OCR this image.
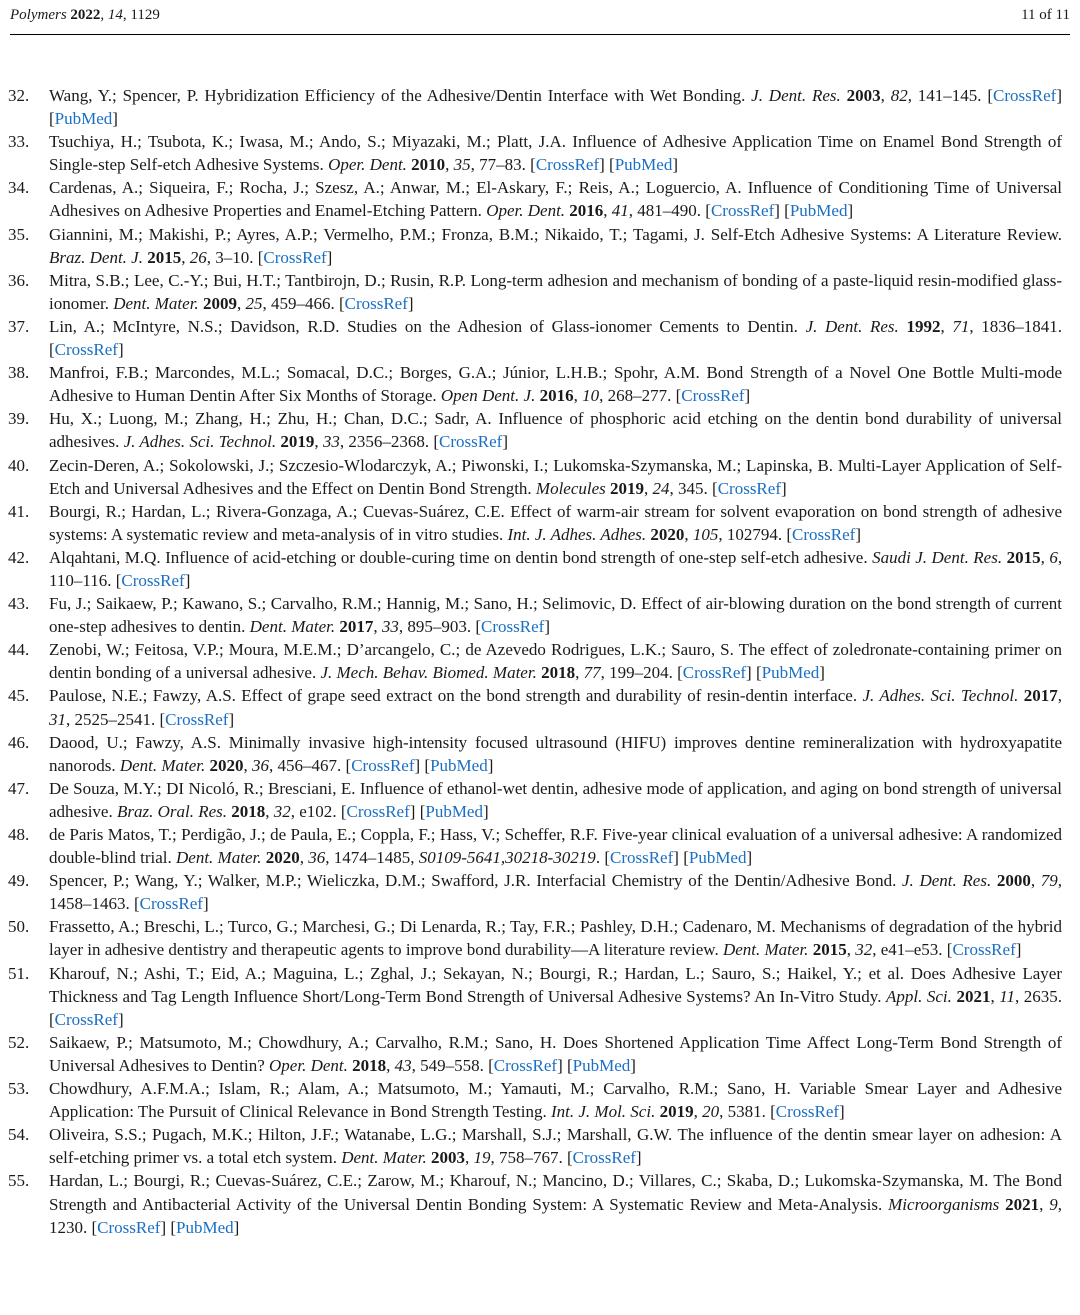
Polymers 2022, 14, 1129	11 of 11
32. Wang, Y.; Spencer, P. Hybridization Efficiency of the Adhesive/Dentin Interface with Wet Bonding. J. Dent. Res. 2003, 82, 141–145. [CrossRef] [PubMed]
33. Tsuchiya, H.; Tsubota, K.; Iwasa, M.; Ando, S.; Miyazaki, M.; Platt, J.A. Influence of Adhesive Application Time on Enamel Bond Strength of Single-step Self-etch Adhesive Systems. Oper. Dent. 2010, 35, 77–83. [CrossRef] [PubMed]
34. Cardenas, A.; Siqueira, F.; Rocha, J.; Szesz, A.; Anwar, M.; El-Askary, F.; Reis, A.; Loguercio, A. Influence of Conditioning Time of Universal Adhesives on Adhesive Properties and Enamel-Etching Pattern. Oper. Dent. 2016, 41, 481–490. [CrossRef] [PubMed]
35. Giannini, M.; Makishi, P.; Ayres, A.P.; Vermelho, P.M.; Fronza, B.M.; Nikaido, T.; Tagami, J. Self-Etch Adhesive Systems: A Literature Review. Braz. Dent. J. 2015, 26, 3–10. [CrossRef]
36. Mitra, S.B.; Lee, C.-Y.; Bui, H.T.; Tantbirojn, D.; Rusin, R.P. Long-term adhesion and mechanism of bonding of a paste-liquid resin-modified glass-ionomer. Dent. Mater. 2009, 25, 459–466. [CrossRef]
37. Lin, A.; McIntyre, N.S.; Davidson, R.D. Studies on the Adhesion of Glass-ionomer Cements to Dentin. J. Dent. Res. 1992, 71, 1836–1841. [CrossRef]
38. Manfroi, F.B.; Marcondes, M.L.; Somacal, D.C.; Borges, G.A.; Júnior, L.H.B.; Spohr, A.M. Bond Strength of a Novel One Bottle Multi-mode Adhesive to Human Dentin After Six Months of Storage. Open Dent. J. 2016, 10, 268–277. [CrossRef]
39. Hu, X.; Luong, M.; Zhang, H.; Zhu, H.; Chan, D.C.; Sadr, A. Influence of phosphoric acid etching on the dentin bond durability of universal adhesives. J. Adhes. Sci. Technol. 2019, 33, 2356–2368. [CrossRef]
40. Zecin-Deren, A.; Sokolowski, J.; Szczesio-Wlodarczyk, A.; Piwonski, I.; Lukomska-Szymanska, M.; Lapinska, B. Multi-Layer Application of Self-Etch and Universal Adhesives and the Effect on Dentin Bond Strength. Molecules 2019, 24, 345. [CrossRef]
41. Bourgi, R.; Hardan, L.; Rivera-Gonzaga, A.; Cuevas-Suárez, C.E. Effect of warm-air stream for solvent evaporation on bond strength of adhesive systems: A systematic review and meta-analysis of in vitro studies. Int. J. Adhes. Adhes. 2020, 105, 102794. [CrossRef]
42. Alqahtani, M.Q. Influence of acid-etching or double-curing time on dentin bond strength of one-step self-etch adhesive. Saudi J. Dent. Res. 2015, 6, 110–116. [CrossRef]
43. Fu, J.; Saikaew, P.; Kawano, S.; Carvalho, R.M.; Hannig, M.; Sano, H.; Selimovic, D. Effect of air-blowing duration on the bond strength of current one-step adhesives to dentin. Dent. Mater. 2017, 33, 895–903. [CrossRef]
44. Zenobi, W.; Feitosa, V.P.; Moura, M.E.M.; D’arcangelo, C.; de Azevedo Rodrigues, L.K.; Sauro, S. The effect of zoledronate-containing primer on dentin bonding of a universal adhesive. J. Mech. Behav. Biomed. Mater. 2018, 77, 199–204. [CrossRef] [PubMed]
45. Paulose, N.E.; Fawzy, A.S. Effect of grape seed extract on the bond strength and durability of resin-dentin interface. J. Adhes. Sci. Technol. 2017, 31, 2525–2541. [CrossRef]
46. Daood, U.; Fawzy, A.S. Minimally invasive high-intensity focused ultrasound (HIFU) improves dentine remineralization with hydroxyapatite nanorods. Dent. Mater. 2020, 36, 456–467. [CrossRef] [PubMed]
47. De Souza, M.Y.; DI Nicoló, R.; Bresciani, E. Influence of ethanol-wet dentin, adhesive mode of application, and aging on bond strength of universal adhesive. Braz. Oral. Res. 2018, 32, e102. [CrossRef] [PubMed]
48. de Paris Matos, T.; Perdigão, J.; de Paula, E.; Coppla, F.; Hass, V.; Scheffer, R.F. Five-year clinical evaluation of a universal adhesive: A randomized double-blind trial. Dent. Mater. 2020, 36, 1474–1485, S0109-5641,30218-30219. [CrossRef] [PubMed]
49. Spencer, P.; Wang, Y.; Walker, M.P.; Wieliczka, D.M.; Swafford, J.R. Interfacial Chemistry of the Dentin/Adhesive Bond. J. Dent. Res. 2000, 79, 1458–1463. [CrossRef]
50. Frassetto, A.; Breschi, L.; Turco, G.; Marchesi, G.; Di Lenarda, R.; Tay, F.R.; Pashley, D.H.; Cadenaro, M. Mechanisms of degradation of the hybrid layer in adhesive dentistry and therapeutic agents to improve bond durability—A literature review. Dent. Mater. 2015, 32, e41–e53. [CrossRef]
51. Kharouf, N.; Ashi, T.; Eid, A.; Maguina, L.; Zghal, J.; Sekayan, N.; Bourgi, R.; Hardan, L.; Sauro, S.; Haikel, Y.; et al. Does Adhesive Layer Thickness and Tag Length Influence Short/Long-Term Bond Strength of Universal Adhesive Systems? An In-Vitro Study. Appl. Sci. 2021, 11, 2635. [CrossRef]
52. Saikaew, P.; Matsumoto, M.; Chowdhury, A.; Carvalho, R.M.; Sano, H. Does Shortened Application Time Affect Long-Term Bond Strength of Universal Adhesives to Dentin? Oper. Dent. 2018, 43, 549–558. [CrossRef] [PubMed]
53. Chowdhury, A.F.M.A.; Islam, R.; Alam, A.; Matsumoto, M.; Yamauti, M.; Carvalho, R.M.; Sano, H. Variable Smear Layer and Adhesive Application: The Pursuit of Clinical Relevance in Bond Strength Testing. Int. J. Mol. Sci. 2019, 20, 5381. [CrossRef]
54. Oliveira, S.S.; Pugach, M.K.; Hilton, J.F.; Watanabe, L.G.; Marshall, S.J.; Marshall, G.W. The influence of the dentin smear layer on adhesion: A self-etching primer vs. a total etch system. Dent. Mater. 2003, 19, 758–767. [CrossRef]
55. Hardan, L.; Bourgi, R.; Cuevas-Suárez, C.E.; Zarow, M.; Kharouf, N.; Mancino, D.; Villares, C.; Skaba, D.; Lukomska-Szymanska, M. The Bond Strength and Antibacterial Activity of the Universal Dentin Bonding System: A Systematic Review and Meta-Analysis. Microorganisms 2021, 9, 1230. [CrossRef] [PubMed]
